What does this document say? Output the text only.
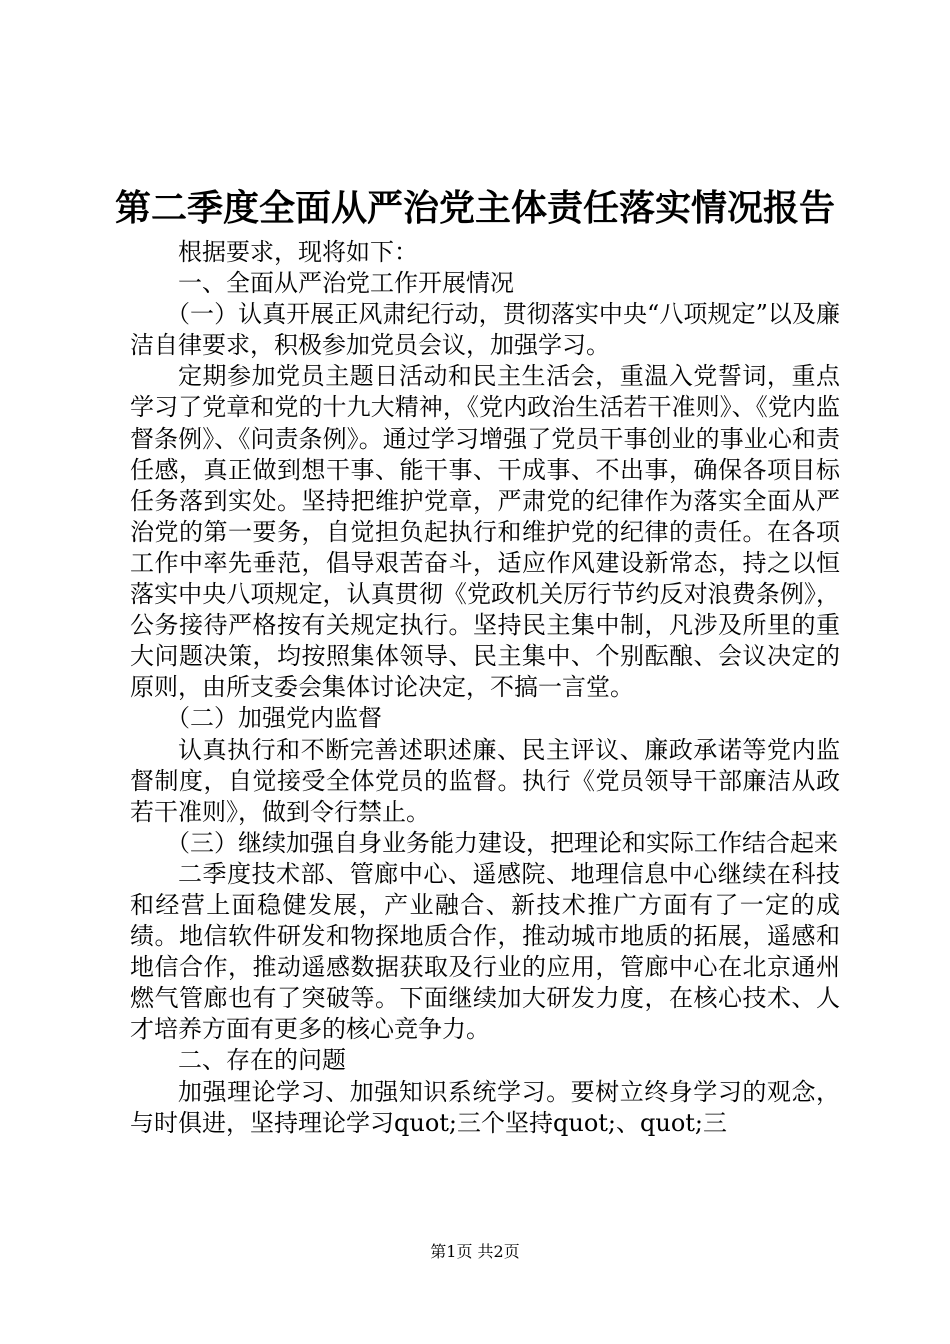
第二季度全面从严治党主体责任落实情况报告

根据要求，现将如下：

一、全面从严治党工作开展情况

（一）认真开展正风肃纪行动，贯彻落实中央“八项规定”以及廉洁自律要求，积极参加党员会议，加强学习。

定期参加党员主题日活动和民主生活会，重温入党誓词，重点学习了党章和党的十九大精神，《党内政治生活若干准则》、《党内监督条例》、《问责条例》。通过学习增强了党员干事创业的事业心和责任感，真正做到想干事、能干事、干成事、不出事，确保各项目标任务落到实处。坚持把维护党章，严肃党的纪律作为落实全面从严治党的第一要务，自觉担负起执行和维护党的纪律的责任。在各项工作中率先垂范，倡导艰苦奋斗，适应作风建设新常态，持之以恒落实中央八项规定，认真贯彻《党政机关厉行节约反对浪费条例》，公务接待严格按有关规定执行。坚持民主集中制，凡涉及所里的重大问题决策，均按照集体领导、民主集中、个别酝酿、会议决定的原则，由所支委会集体讨论决定，不搞一言堂。

（二）加强党内监督

认真执行和不断完善述职述廉、民主评议、廉政承诺等党内监督制度，自觉接受全体党员的监督。执行《党员领导干部廉洁从政若干准则》，做到令行禁止。

（三）继续加强自身业务能力建设，把理论和实际工作结合起来

二季度技术部、管廊中心、遥感院、地理信息中心继续在科技和经营上面稳健发展，产业融合、新技术推广方面有了一定的成绩。地信软件研发和物探地质合作，推动城市地质的拓展，遥感和地信合作，推动遥感数据获取及行业的应用，管廊中心在北京通州燃气管廊也有了突破等。下面继续加大研发力度，在核心技术、人才培养方面有更多的核心竞争力。

二、存在的问题

加强理论学习、加强知识系统学习。要树立终身学习的观念，与时俱进，坚持理论学习quot;三个坚持quot;、quot;三

第1页 共2页
